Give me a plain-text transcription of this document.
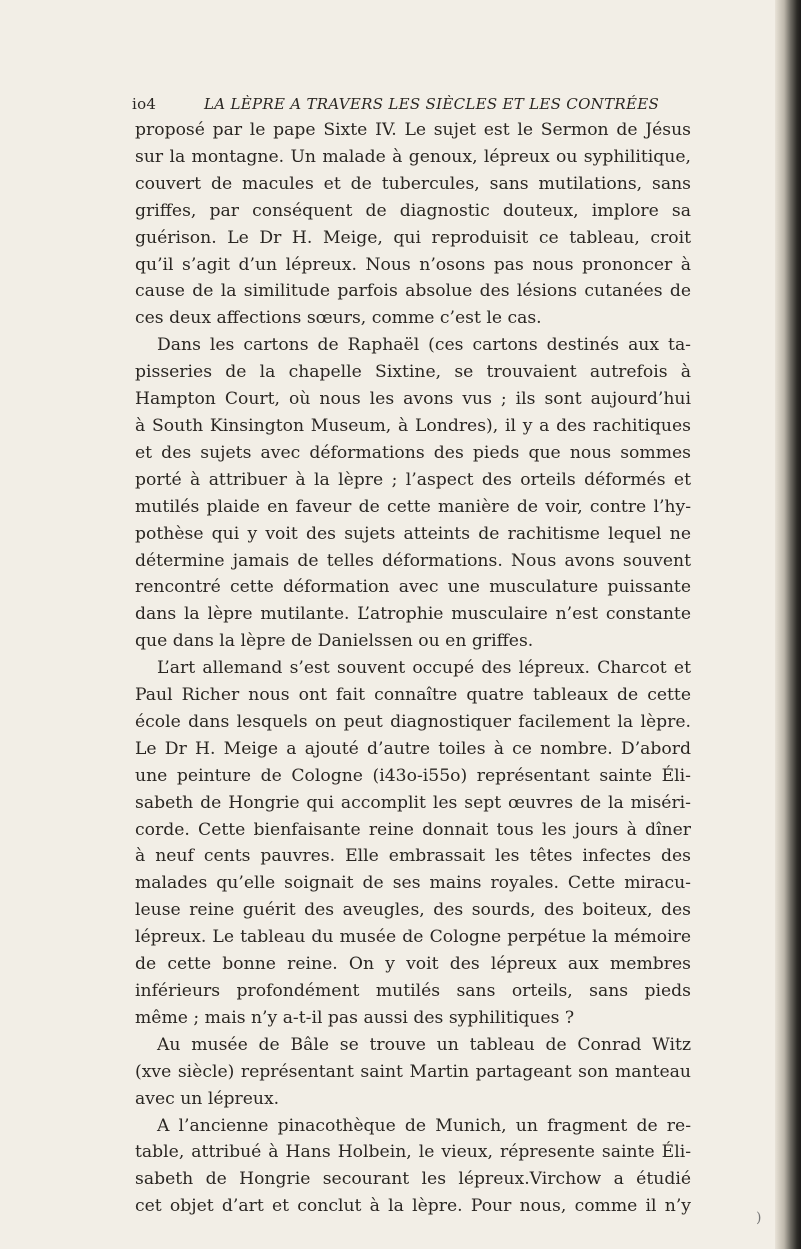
io4	LA LÈPRE A TRAVERS LES SIÈCLES ET LES CONTRÉES
proposé par le pape Sixte IV. Le sujet est le Sermon de Jésus
sur la montagne. Un malade à genoux, lépreux ou syphilitique,
couvert de macules et de tubercules, sans mutilations, sans
griffes, par conséquent de diagnostic douteux, implore sa
guérison. Le Dr H. Meige, qui reproduisit ce tableau, croit
qu’il s’agit d’un lépreux. Nous n’osons pas nous prononcer à
cause de la similitude parfois absolue des lésions cutanées de
ces deux affections sœurs, comme c’est le cas.
Dans les cartons de Raphaël (ces cartons destinés aux ta-
pisseries de la chapelle Sixtine, se trouvaient autrefois à
Hampton Court, où nous les avons vus ; ils sont aujourd’hui
à South Kinsington Museum, à Londres), il y a des rachitiques
et des sujets avec déformations des pieds que nous sommes
porté à attribuer à la lèpre ; l’aspect des orteils déformés et
mutilés plaide en faveur de cette manière de voir, contre l’hy-
pothèse qui y voit des sujets atteints de rachitisme lequel ne
détermine jamais de telles déformations. Nous avons souvent
rencontré cette déformation avec une musculature puissante
dans la lèpre mutilante. L’atrophie musculaire n’est constante
que dans la lèpre de Danielssen ou en griffes.
L’art allemand s’est souvent occupé des lépreux. Charcot et
Paul Richer nous ont fait connaître quatre tableaux de cette
école dans lesquels on peut diagnostiquer facilement la lèpre.
Le Dr H. Meige a ajouté d’autre toiles à ce nombre. D’abord
une peinture de Cologne (i43o-i55o) représentant sainte Éli-
sabeth de Hongrie qui accomplit les sept œuvres de la miséri-
corde. Cette bienfaisante reine donnait tous les jours à dîner
à neuf cents pauvres. Elle embrassait les têtes infectes des
malades qu’elle soignait de ses mains royales. Cette miracu-
leuse reine guérit des aveugles, des sourds, des boiteux, des
lépreux. Le tableau du musée de Cologne perpétue la mémoire
de cette bonne reine. On y voit des lépreux aux membres
inférieurs profondément mutilés sans orteils, sans pieds
même ; mais n’y a-t-il pas aussi des syphilitiques ?
Au musée de Bâle se trouve un tableau de Conrad Witz
(xve siècle) représentant saint Martin partageant son manteau
avec un lépreux.
A l’ancienne pinacothèque de Munich, un fragment de re-
table, attribué à Hans Holbein, le vieux, répresente sainte Éli-
sabeth de Hongrie secourant les lépreux.Virchow a étudié
cet objet d’art et conclut à la lèpre. Pour nous, comme il n’y
)
